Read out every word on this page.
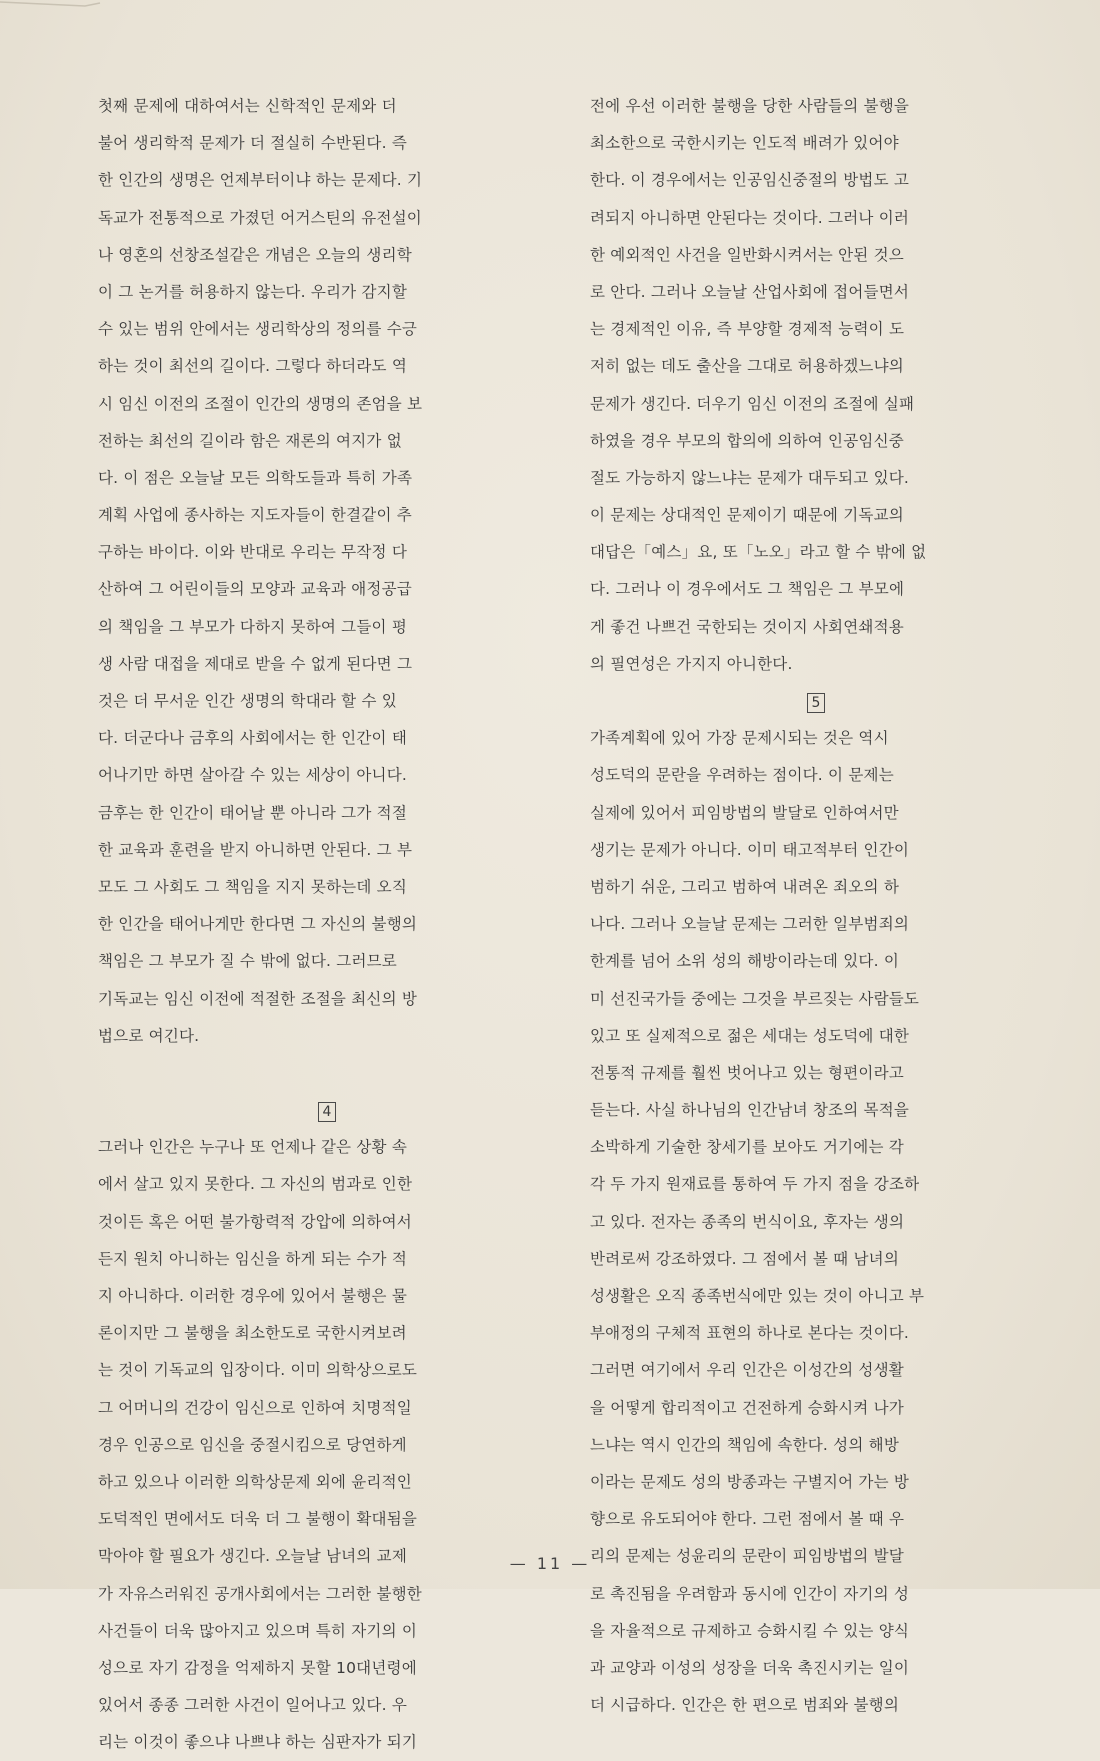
첫째 문제에 대하여서는 신학적인 문제와 더
불어 생리학적 문제가 더 절실히 수반된다. 즉
한 인간의 생명은 언제부터이냐 하는 문제다. 기
독교가 전통적으로 가졌던 어거스틴의 유전설이
나 영혼의 선창조설같은 개념은 오늘의 생리학
이 그 논거를 허용하지 않는다. 우리가 감지할
수 있는 범위 안에서는 생리학상의 정의를 수긍
하는 것이 최선의 길이다. 그렇다 하더라도 역
시 임신 이전의 조절이 인간의 생명의 존엄을 보
전하는 최선의 길이라 함은 재론의 여지가 없
다. 이 점은 오늘날 모든 의학도들과 특히 가족
계획 사업에 종사하는 지도자들이 한결같이 추
구하는 바이다. 이와 반대로 우리는 무작정 다
산하여 그 어린이들의 모양과 교육과 애정공급
의 책임을 그 부모가 다하지 못하여 그들이 평
생 사람 대접을 제대로 받을 수 없게 된다면 그
것은 더 무서운 인간 생명의 학대라 할 수 있
다. 더군다나 금후의 사회에서는 한 인간이 태
어나기만 하면 살아갈 수 있는 세상이 아니다.
금후는 한 인간이 태어날 뿐 아니라 그가 적절
한 교육과 훈련을 받지 아니하면 안된다. 그 부
모도 그 사회도 그 책임을 지지 못하는데 오직
한 인간을 태어나게만 한다면 그 자신의 불행의
책임은 그 부모가 질 수 밖에 없다. 그러므로
기독교는 임신 이전에 적절한 조절을 최신의 방
법으로 여긴다.
4
그러나 인간은 누구나 또 언제나 같은 상황 속
에서 살고 있지 못한다. 그 자신의 범과로 인한
것이든 혹은 어떤 불가항력적 강압에 의하여서
든지 원치 아니하는 임신을 하게 되는 수가 적
지 아니하다. 이러한 경우에 있어서 불행은 물
론이지만 그 불행을 최소한도로 국한시켜보려
는 것이 기독교의 입장이다. 이미 의학상으로도
그 어머니의 건강이 임신으로 인하여 치명적일
경우 인공으로 임신을 중절시킴으로 당연하게
하고 있으나 이러한 의학상문제 외에 윤리적인
도덕적인 면에서도 더욱 더 그 불행이 확대됨을
막아야 할 필요가 생긴다. 오늘날 남녀의 교제
가 자유스러워진 공개사회에서는 그러한 불행한
사건들이 더욱 많아지고 있으며 특히 자기의 이
성으로 자기 감정을 억제하지 못할 10대년령에
있어서 종종 그러한 사건이 일어나고 있다. 우
리는 이것이 좋으냐 나쁘냐 하는 심판자가 되기
전에 우선 이러한 불행을 당한 사람들의 불행을
최소한으로 국한시키는 인도적 배려가 있어야
한다. 이 경우에서는 인공임신중절의 방법도 고
려되지 아니하면 안된다는 것이다. 그러나 이러
한 예외적인 사건을 일반화시켜서는 안된 것으
로 안다. 그러나 오늘날 산업사회에 접어들면서
는 경제적인 이유, 즉 부양할 경제적 능력이 도
저히 없는 데도 출산을 그대로 허용하겠느냐의
문제가 생긴다. 더우기 임신 이전의 조절에 실패
하였을 경우 부모의 합의에 의하여 인공임신중
절도 가능하지 않느냐는 문제가 대두되고 있다.
이 문제는 상대적인 문제이기 때문에 기독교의
대답은「예스」요, 또「노오」라고 할 수 밖에 없
다. 그러나 이 경우에서도 그 책임은 그 부모에
게 좋건 나쁘건 국한되는 것이지 사회연쇄적용
의 필연성은 가지지 아니한다.
5
가족계획에 있어 가장 문제시되는 것은 역시
성도덕의 문란을 우려하는 점이다. 이 문제는
실제에 있어서 피임방법의 발달로 인하여서만
생기는 문제가 아니다. 이미 태고적부터 인간이
범하기 쉬운, 그리고 범하여 내려온 죄오의 하
나다. 그러나 오늘날 문제는 그러한 일부범죄의
한계를 넘어 소위 성의 해방이라는데 있다. 이
미 선진국가들 중에는 그것을 부르짖는 사람들도
있고 또 실제적으로 젊은 세대는 성도덕에 대한
전통적 규제를 훨씬 벗어나고 있는 형편이라고
듣는다. 사실 하나님의 인간남녀 창조의 목적을
소박하게 기술한 창세기를 보아도 거기에는 각
각 두 가지 원재료를 통하여 두 가지 점을 강조하
고 있다. 전자는 종족의 번식이요, 후자는 생의
반려로써 강조하였다. 그 점에서 볼 때 남녀의
성생활은 오직 종족번식에만 있는 것이 아니고 부
부애정의 구체적 표현의 하나로 본다는 것이다.
그러면 여기에서 우리 인간은 이성간의 성생활
을 어떻게 합리적이고 건전하게 승화시켜 나가
느냐는 역시 인간의 책임에 속한다. 성의 해방
이라는 문제도 성의 방종과는 구별지어 가는 방
향으로 유도되어야 한다. 그런 점에서 볼 때 우
리의 문제는 성윤리의 문란이 피임방법의 발달
로 촉진됨을 우려함과 동시에 인간이 자기의 성
을 자율적으로 규제하고 승화시킬 수 있는 양식
과 교양과 이성의 성장을 더욱 촉진시키는 일이
더 시급하다. 인간은 한 편으로 범죄와 불행의
— 11 —
